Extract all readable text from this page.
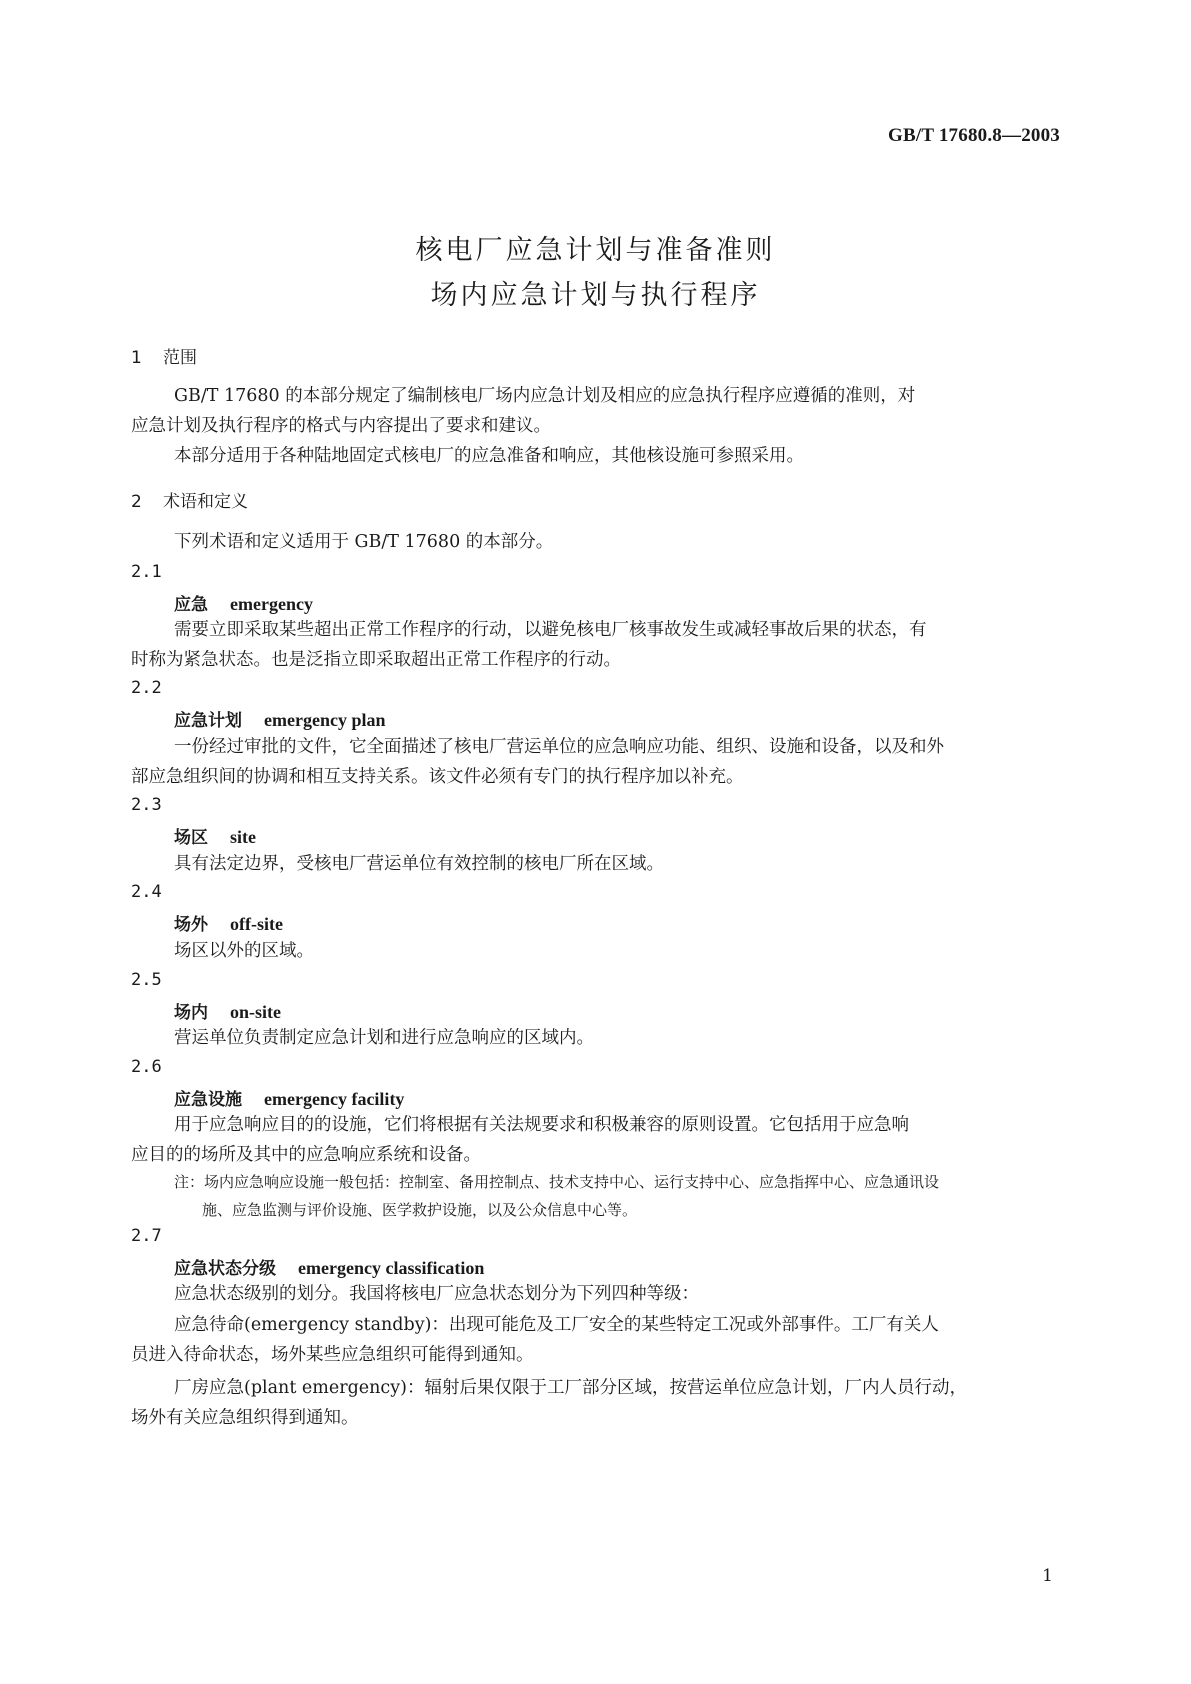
GB/T 17680.8—2003
核电厂应急计划与准备准则
场内应急计划与执行程序
1 范围
GB/T 17680 的本部分规定了编制核电厂场内应急计划及相应的应急执行程序应遵循的准则，对
应急计划及执行程序的格式与内容提出了要求和建议。
本部分适用于各种陆地固定式核电厂的应急准备和响应，其他核设施可参照采用。
2 术语和定义
下列术语和定义适用于 GB/T 17680 的本部分。
2.1
应急 emergency
需要立即采取某些超出正常工作程序的行动，以避免核电厂核事故发生或减轻事故后果的状态，有
时称为紧急状态。也是泛指立即采取超出正常工作程序的行动。
2.2
应急计划 emergency plan
一份经过审批的文件，它全面描述了核电厂营运单位的应急响应功能、组织、设施和设备，以及和外
部应急组织间的协调和相互支持关系。该文件必须有专门的执行程序加以补充。
2.3
场区 site
具有法定边界，受核电厂营运单位有效控制的核电厂所在区域。
2.4
场外 off-site
场区以外的区域。
2.5
场内 on-site
营运单位负责制定应急计划和进行应急响应的区域内。
2.6
应急设施 emergency facility
用于应急响应目的的设施，它们将根据有关法规要求和积极兼容的原则设置。它包括用于应急响
应目的的场所及其中的应急响应系统和设备。
注：场内应急响应设施一般包括：控制室、备用控制点、技术支持中心、运行支持中心、应急指挥中心、应急通讯设
施、应急监测与评价设施、医学救护设施，以及公众信息中心等。
2.7
应急状态分级 emergency classification
应急状态级别的划分。我国将核电厂应急状态划分为下列四种等级：
应急待命(emergency standby)：出现可能危及工厂安全的某些特定工况或外部事件。工厂有关人
员进入待命状态，场外某些应急组织可能得到通知。
厂房应急(plant emergency)：辐射后果仅限于工厂部分区域，按营运单位应急计划，厂内人员行动，
场外有关应急组织得到通知。
1
